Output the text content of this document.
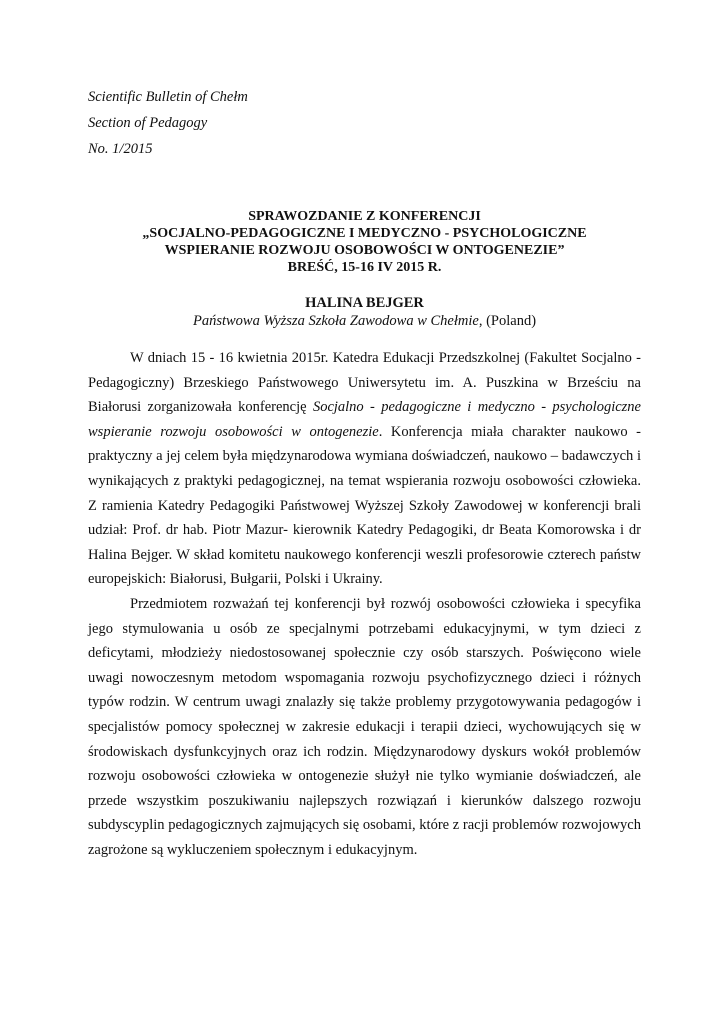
Scientific Bulletin of Chełm
Section of Pedagogy
No. 1/2015
SPRAWOZDANIE Z KONFERENCJI
„SOCJALNO-PEDAGOGICZNE I MEDYCZNO - PSYCHOLOGICZNE
WSPIERANIE ROZWOJU OSOBOWOŚCI W ONTOGENEZIE”
BREŚĆ, 15-16 IV 2015 R.
HALINA BEJGER
Państwowa Wyższa Szkoła Zawodowa w Chełmie, (Poland)

W dniach 15 - 16 kwietnia 2015r. Katedra Edukacji Przedszkolnej (Fakultet Socjalno - Pedagogiczny) Brzeskiego Państwowego Uniwersytetu im. A. Puszkina w Brześciu na Białorusi zorganizowała konferencję Socjalno - pedagogiczne i medyczno - psychologiczne wspieranie rozwoju osobowości w ontogenezie. Konferencja miała charakter naukowo - praktyczny a jej celem była międzynarodowa wymiana doświadczeń, naukowo – badawczych i wynikających z praktyki pedagogicznej, na temat wspierania rozwoju osobowości człowieka. Z ramienia Katedry Pedagogiki Państwowej Wyższej Szkoły Zawodowej w konferencji brali udział: Prof. dr hab. Piotr Mazur- kierownik Katedry Pedagogiki, dr Beata Komorowska i dr Halina Bejger. W skład komitetu naukowego konferencji weszli profesorowie czterech państw europejskich: Białorusi, Bułgarii, Polski i Ukrainy.

Przedmiotem rozważań tej konferencji był rozwój osobowości człowieka i specyfika jego stymulowania u osób ze specjalnymi potrzebami edukacyjnymi, w tym dzieci z deficytami, młodzieży niedostosowanej społecznie czy osób starszych. Poświęcono wiele uwagi nowoczesnym metodom wspomagania rozwoju psychofizycznego dzieci i różnych typów rodzin. W centrum uwagi znalazły się także problemy przygotowywania pedagogów i specjalistów pomocy społecznej w zakresie edukacji i terapii dzieci, wychowujących się w środowiskach dysfunkcyjnych oraz ich rodzin. Międzynarodowy dyskurs wokół problemów rozwoju osobowości człowieka w ontogenezie służył nie tylko wymianie doświadczeń, ale przede wszystkim poszukiwaniu najlepszych rozwiązań i kierunków dalszego rozwoju subdyscyplin pedagogicznych zajmujących się osobami, które z racji problemów rozwojowych zagrożone są wykluczeniem społecznym i edukacyjnym.
